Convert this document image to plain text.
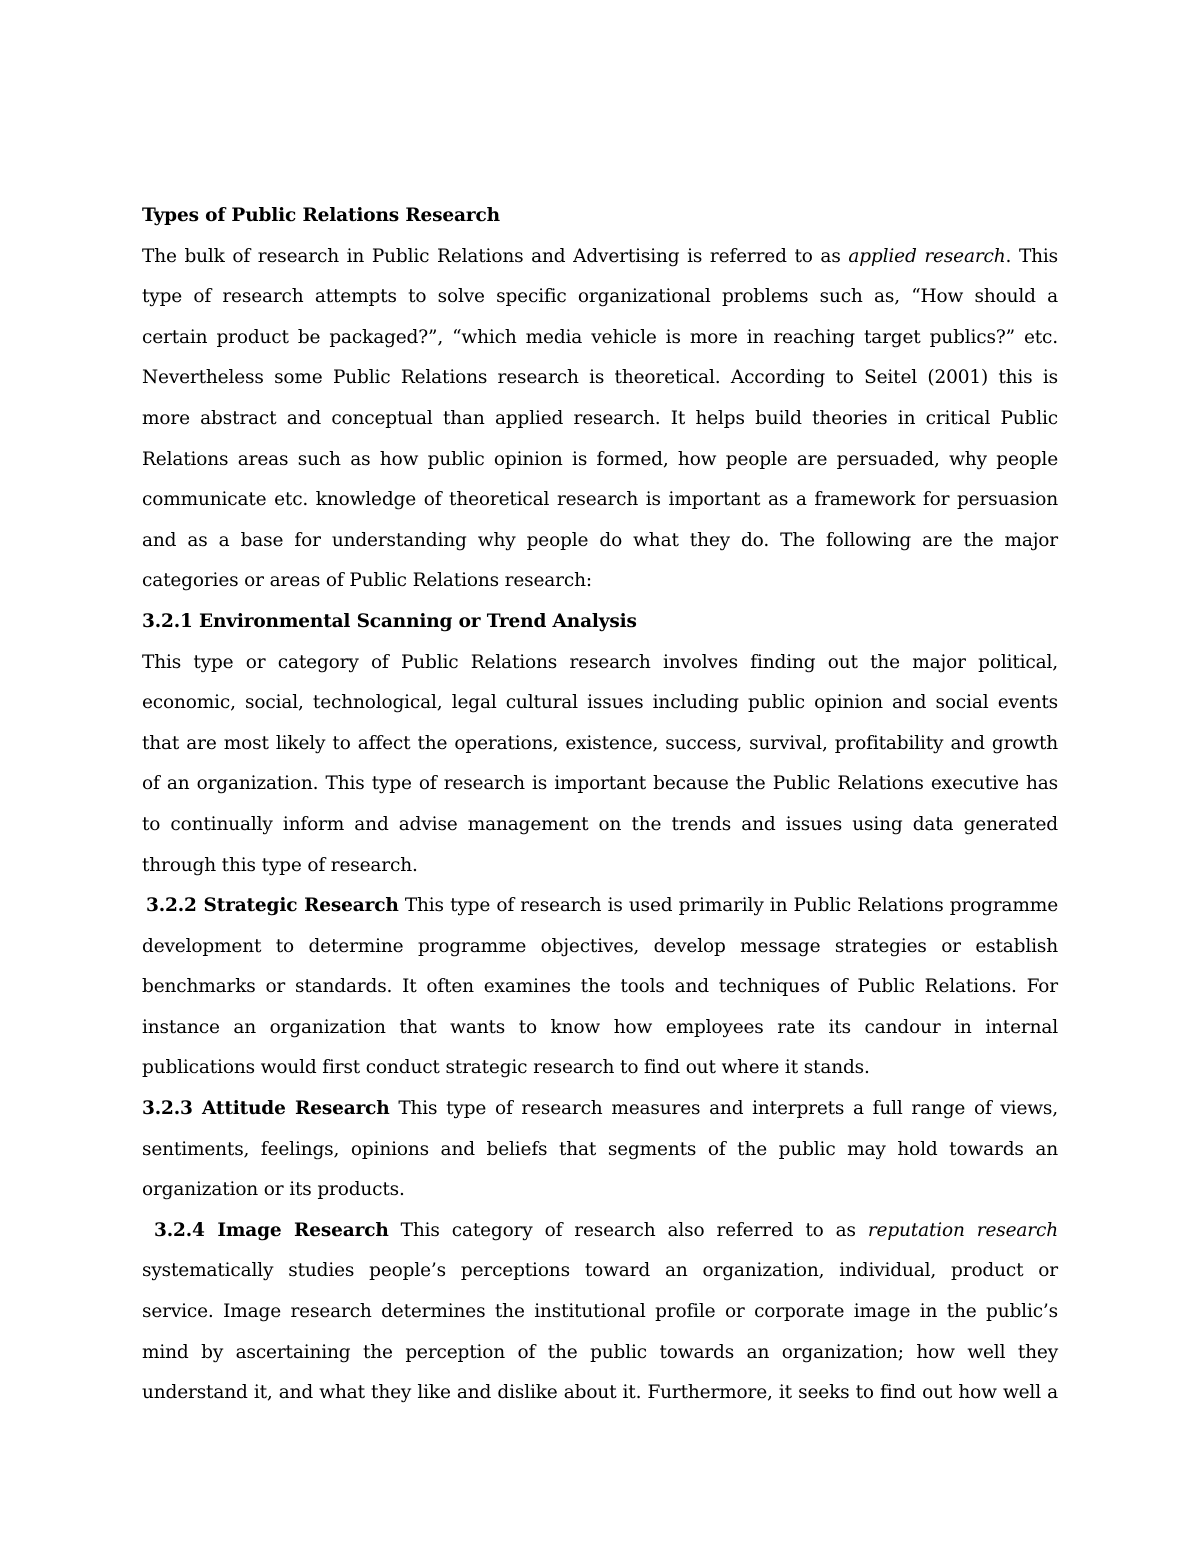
Types of Public Relations Research
The bulk of research in Public Relations and Advertising is referred to as applied research. This
type of research attempts to solve specific organizational problems such as, “How should a
certain product be packaged?”, “which media vehicle is more in reaching target publics?” etc.
Nevertheless some Public Relations research is theoretical. According to Seitel (2001) this is
more abstract and conceptual than applied research. It helps build theories in critical Public
Relations areas such as how public opinion is formed, how people are persuaded, why people
communicate etc. knowledge of theoretical research is important as a framework for persuasion
and as a base for understanding why people do what they do. The following are the major
categories or areas of Public Relations research:
3.2.1 Environmental Scanning or Trend Analysis
This type or category of Public Relations research involves finding out the major political,
economic, social, technological, legal cultural issues including public opinion and social events
that are most likely to affect the operations, existence, success, survival, profitability and growth
of an organization. This type of research is important because the Public Relations executive has
to continually inform and advise management on the trends and issues using data generated
through this type of research.
3.2.2 Strategic Research This type of research is used primarily in Public Relations programme
development to determine programme objectives, develop message strategies or establish
benchmarks or standards. It often examines the tools and techniques of Public Relations. For
instance an organization that wants to know how employees rate its candour in internal
publications would first conduct strategic research to find out where it stands.
3.2.3 Attitude Research This type of research measures and interprets a full range of views,
sentiments, feelings, opinions and beliefs that segments of the public may hold towards an
organization or its products.
3.2.4 Image Research This category of research also referred to as reputation research
systematically studies people’s perceptions toward an organization, individual, product or
service. Image research determines the institutional profile or corporate image in the public’s
mind by ascertaining the perception of the public towards an organization; how well they
understand it, and what they like and dislike about it. Furthermore, it seeks to find out how well a
